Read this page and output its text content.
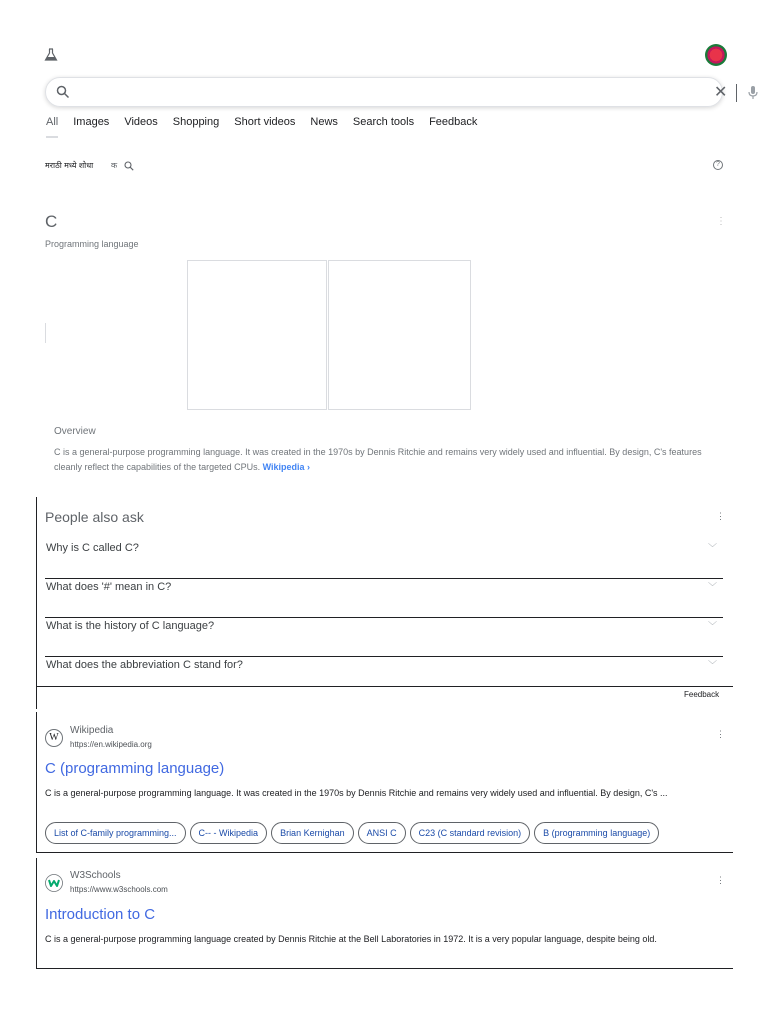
✕
All Images Videos Shopping Short videos News Search tools Feedback
मराठी मध्ये शोधा क	?
C
Programming language
⋮
Overview
C is a general-purpose programming language. It was created in the 1970s by Dennis Ritchie and remains very widely used and influential. By design, C's features cleanly reflect the capabilities of the targeted CPUs. Wikipedia ›
People also ask	⋮
Why is C called C?	﹀
What does '#' mean in C?	﹀
What is the history of C language?	﹀
What does the abbreviation C stand for?	﹀
Feedback
W
Wikipedia
https://en.wikipedia.org
⋮
C (programming language)
C is a general-purpose programming language. It was created in the 1970s by Dennis Ritchie and remains very widely used and influential. By design, C's ...
List of C-family programming...	C-- - Wikipedia	Brian Kernighan	ANSI C	C23 (C standard revision)	B (programming language)
W3Schools
https://www.w3schools.com
⋮
Introduction to C
C is a general-purpose programming language created by Dennis Ritchie at the Bell Laboratories in 1972. It is a very popular language, despite being old.
